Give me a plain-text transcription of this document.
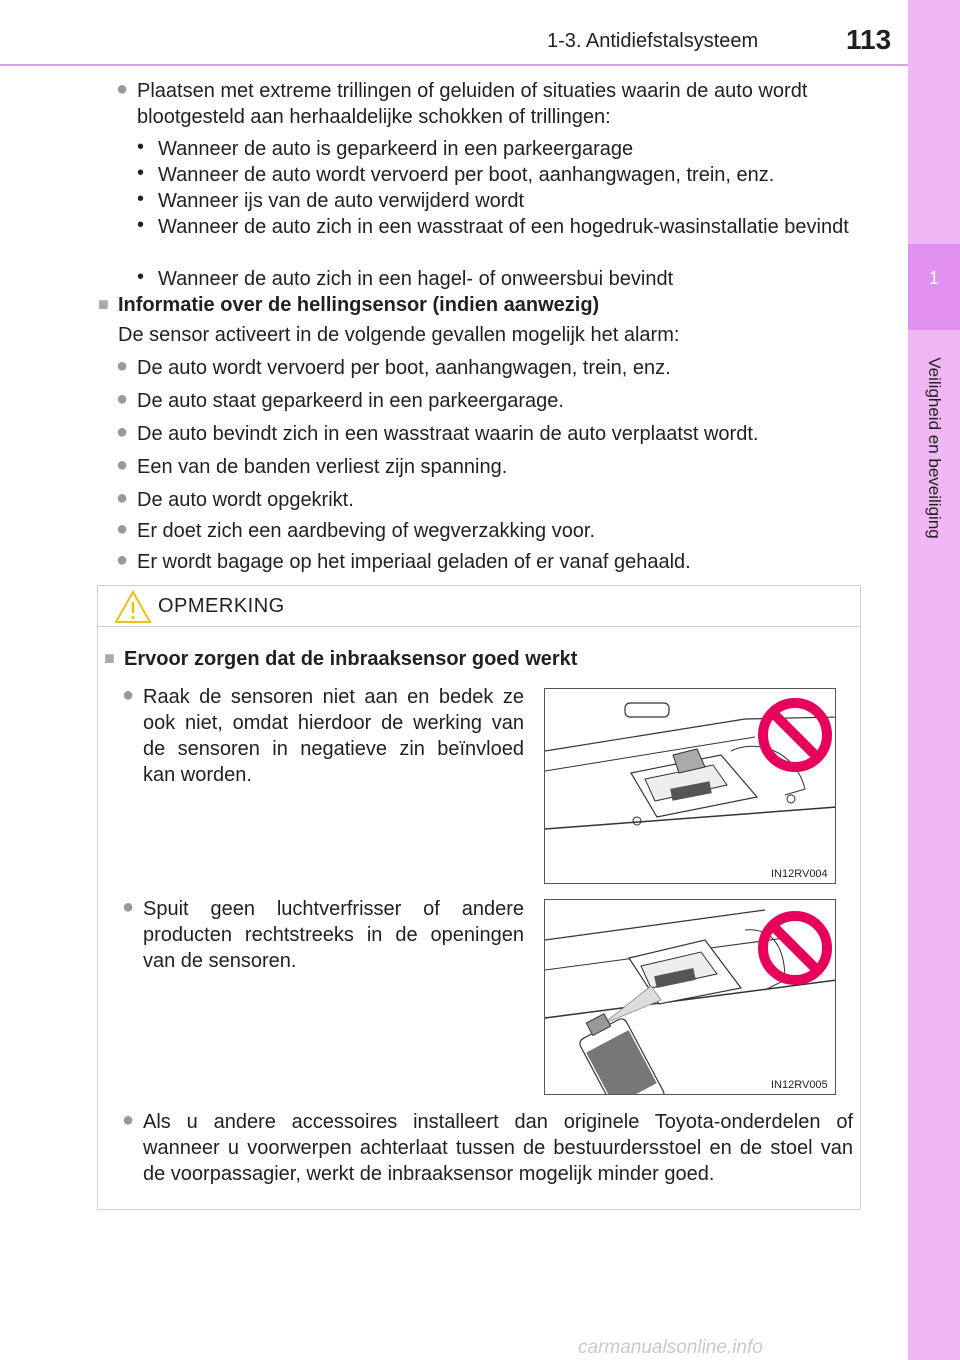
1-3. Antidiefstalsysteem	113
1
Veiligheid en beveiliging
● Plaatsen met extreme trillingen of geluiden of situaties waarin de auto wordt blootgesteld aan herhaaldelijke schokken of trillingen:

• Wanneer de auto is geparkeerd in een parkeergarage

• Wanneer de auto wordt vervoerd per boot, aanhangwagen, trein, enz.

• Wanneer ijs van de auto verwijderd wordt

• Wanneer de auto zich in een wasstraat of een hogedruk-wasinstallatie bevindt

• Wanneer de auto zich in een hagel- of onweersbui bevindt

■ Informatie over de hellingsensor (indien aanwezig)

De sensor activeert in de volgende gevallen mogelijk het alarm:

● De auto wordt vervoerd per boot, aanhangwagen, trein, enz.

● De auto staat geparkeerd in een parkeergarage.

● De auto bevindt zich in een wasstraat waarin de auto verplaatst wordt.

● Een van de banden verliest zijn spanning.

● De auto wordt opgekrikt.

● Er doet zich een aardbeving of wegverzakking voor.

● Er wordt bagage op het imperiaal geladen of er vanaf gehaald.

OPMERKING
■ Ervoor zorgen dat de inbraaksensor goed werkt

● Raak de sensoren niet aan en bedek ze ook niet, omdat hierdoor de werking van de sensoren in negatieve zin beïnvloed kan worden.

● Spuit geen luchtverfrisser of andere producten rechtstreeks in de openingen van de sensoren.

● Als u andere accessoires installeert dan originele Toyota-onderdelen of wanneer u voorwerpen achterlaat tussen de bestuurdersstoel en de stoel van de voorpassagier, werkt de inbraaksensor mogelijk minder goed.

IN12RV004
IN12RV005
carmanualsonline.info
